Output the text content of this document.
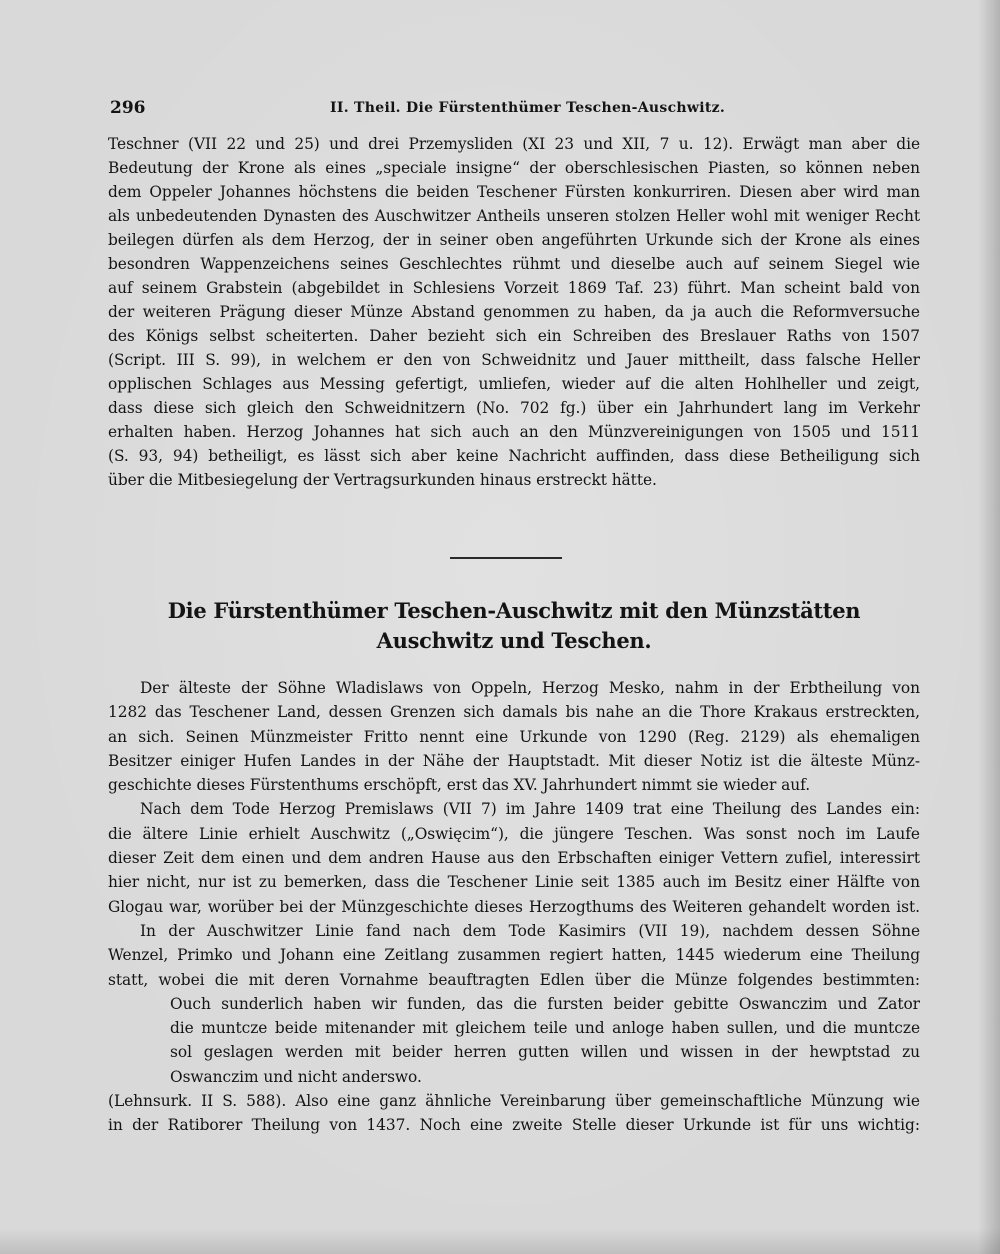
296	II. Theil. Die Fürstenthümer Teschen-Auschwitz.
Teschner (VII 22 und 25) und drei Przemysliden (XI 23 und XII, 7 u. 12). Erwägt man aber die
Bedeutung der Krone als eines „speciale insigne“ der oberschlesischen Piasten, so können neben
dem Oppeler Johannes höchstens die beiden Teschener Fürsten konkurriren. Diesen aber wird man
als unbedeutenden Dynasten des Auschwitzer Antheils unseren stolzen Heller wohl mit weniger Recht
beilegen dürfen als dem Herzog, der in seiner oben angeführten Urkunde sich der Krone als eines
besondren Wappenzeichens seines Geschlechtes rühmt und dieselbe auch auf seinem Siegel wie
auf seinem Grabstein (abgebildet in Schlesiens Vorzeit 1869 Taf. 23) führt. Man scheint bald von
der weiteren Prägung dieser Münze Abstand genommen zu haben, da ja auch die Reformversuche
des Königs selbst scheiterten. Daher bezieht sich ein Schreiben des Breslauer Raths von 1507
(Script. III S. 99), in welchem er den von Schweidnitz und Jauer mittheilt, dass falsche Heller
opplischen Schlages aus Messing gefertigt, umliefen, wieder auf die alten Hohlheller und zeigt,
dass diese sich gleich den Schweidnitzern (No. 702 fg.) über ein Jahrhundert lang im Verkehr
erhalten haben. Herzog Johannes hat sich auch an den Münzvereinigungen von 1505 und 1511
(S. 93, 94) betheiligt, es lässt sich aber keine Nachricht auffinden, dass diese Betheiligung sich
über die Mitbesiegelung der Vertragsurkunden hinaus erstreckt hätte.
Die Fürstenthümer Teschen-Auschwitz mit den Münzstätten
Auschwitz und Teschen.
Der älteste der Söhne Wladislaws von Oppeln, Herzog Mesko, nahm in der Erbtheilung von
1282 das Teschener Land, dessen Grenzen sich damals bis nahe an die Thore Krakaus erstreckten,
an sich. Seinen Münzmeister Fritto nennt eine Urkunde von 1290 (Reg. 2129) als ehemaligen
Besitzer einiger Hufen Landes in der Nähe der Hauptstadt. Mit dieser Notiz ist die älteste Münz-
geschichte dieses Fürstenthums erschöpft, erst das XV. Jahrhundert nimmt sie wieder auf.
Nach dem Tode Herzog Premislaws (VII 7) im Jahre 1409 trat eine Theilung des Landes ein:
die ältere Linie erhielt Auschwitz („Oswięcim“), die jüngere Teschen. Was sonst noch im Laufe
dieser Zeit dem einen und dem andren Hause aus den Erbschaften einiger Vettern zufiel, interessirt
hier nicht, nur ist zu bemerken, dass die Teschener Linie seit 1385 auch im Besitz einer Hälfte von
Glogau war, worüber bei der Münzgeschichte dieses Herzogthums des Weiteren gehandelt worden ist.
In der Auschwitzer Linie fand nach dem Tode Kasimirs (VII 19), nachdem dessen Söhne
Wenzel, Primko und Johann eine Zeitlang zusammen regiert hatten, 1445 wiederum eine Theilung
statt, wobei die mit deren Vornahme beauftragten Edlen über die Münze folgendes bestimmten:
Ouch sunderlich haben wir funden, das die fursten beider gebitte Oswanczim und Zator
die muntcze beide mitenander mit gleichem teile und anloge haben sullen, und die muntcze
sol geslagen werden mit beider herren gutten willen und wissen in der hewptstad zu
Oswanczim und nicht anderswo.
(Lehnsurk. II S. 588). Also eine ganz ähnliche Vereinbarung über gemeinschaftliche Münzung wie
in der Ratiborer Theilung von 1437. Noch eine zweite Stelle dieser Urkunde ist für uns wichtig:
